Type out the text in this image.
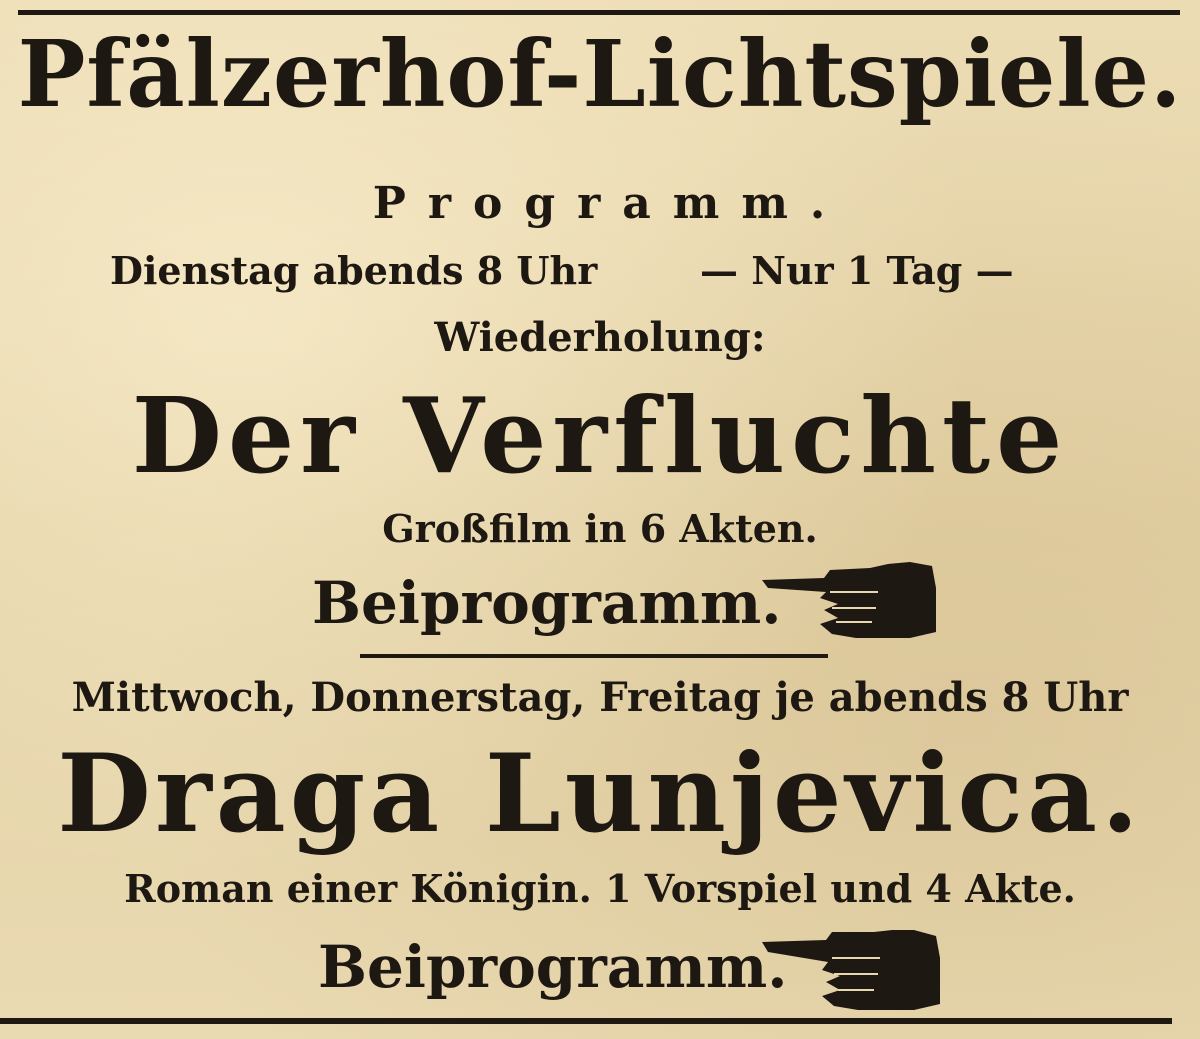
Pfälzerhof-Lichtspiele.
Programm.
Dienstag abends 8 Uhr	— Nur 1 Tag —
Wiederholung:
Der Verfluchte
Großfilm in 6 Akten.
Beiprogramm.
Mittwoch, Donnerstag, Freitag je abends 8 Uhr
Draga Lunjevica.
Roman einer Königin. 1 Vorspiel und 4 Akte.
Beiprogramm.
